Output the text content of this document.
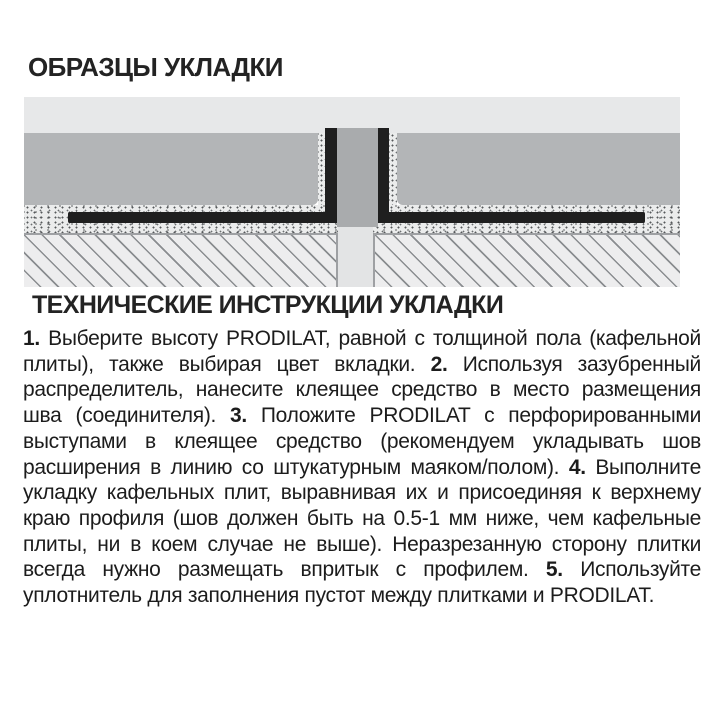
ОБРАЗЦЫ УКЛАДКИ
ТЕХНИЧЕСКИЕ ИНСТРУКЦИИ УКЛАДКИ

1. Выберите высоту PRODILAT, равной с толщиной пола (кафельной плиты), также выбирая цвет вкладки. 2. Используя зазубренный распределитель, нанесите клеящее средство в место размещения шва (соединителя). 3. Положите PRODILAT с перфорированными выступами в клеящее средство (рекомендуем укладывать шов расширения в линию со штукатурным маяком/полом). 4. Выполните укладку кафельных плит, выравнивая их и присоединяя к верхнему краю профиля (шов должен быть на 0.5-1 мм ниже, чем кафельные плиты, ни в коем случае не выше). Неразрезанную сторону плитки всегда нужно размещать впритык с профилем. 5. Используйте уплотнитель для заполнения пустот между плитками и PRODILAT.
